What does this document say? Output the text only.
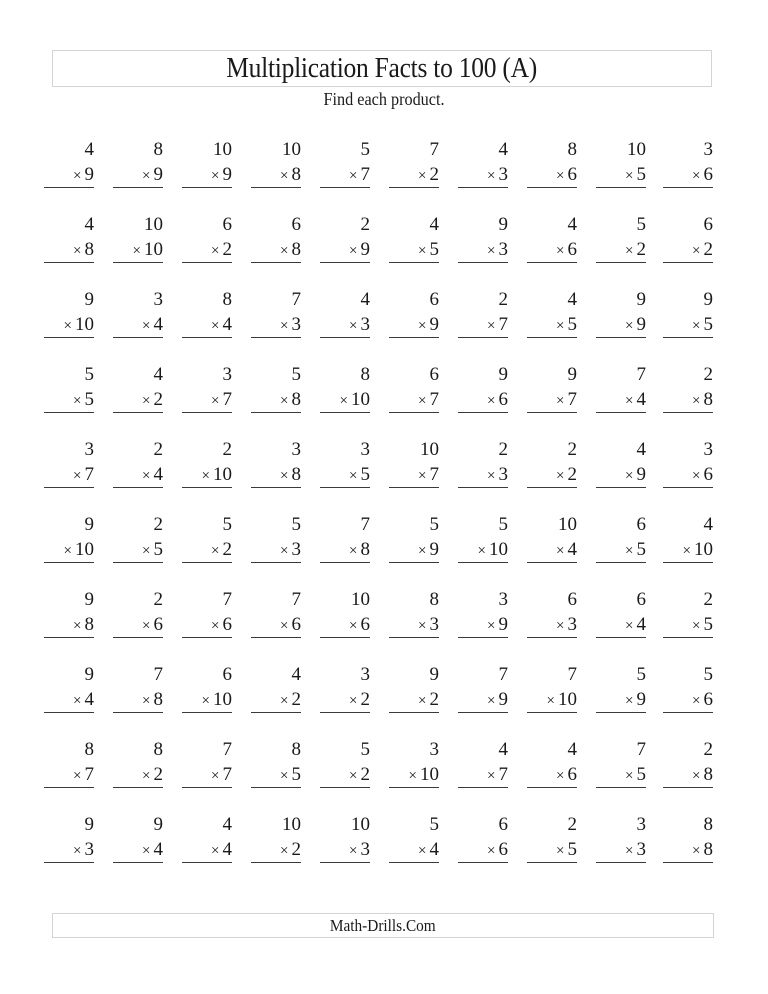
Multiplication Facts to 100 (A)
Find each product.
4
× 9
8
× 9
10
× 9
10
× 8
5
× 7
7
× 2
4
× 3
8
× 6
10
× 5
3
× 6
4
× 8
10
× 10
6
× 2
6
× 8
2
× 9
4
× 5
9
× 3
4
× 6
5
× 2
6
× 2
9
× 10
3
× 4
8
× 4
7
× 3
4
× 3
6
× 9
2
× 7
4
× 5
9
× 9
9
× 5
5
× 5
4
× 2
3
× 7
5
× 8
8
× 10
6
× 7
9
× 6
9
× 7
7
× 4
2
× 8
3
× 7
2
× 4
2
× 10
3
× 8
3
× 5
10
× 7
2
× 3
2
× 2
4
× 9
3
× 6
9
× 10
2
× 5
5
× 2
5
× 3
7
× 8
5
× 9
5
× 10
10
× 4
6
× 5
4
× 10
9
× 8
2
× 6
7
× 6
7
× 6
10
× 6
8
× 3
3
× 9
6
× 3
6
× 4
2
× 5
9
× 4
7
× 8
6
× 10
4
× 2
3
× 2
9
× 2
7
× 9
7
× 10
5
× 9
5
× 6
8
× 7
8
× 2
7
× 7
8
× 5
5
× 2
3
× 10
4
× 7
4
× 6
7
× 5
2
× 8
9
× 3
9
× 4
4
× 4
10
× 2
10
× 3
5
× 4
6
× 6
2
× 5
3
× 3
8
× 8
Math-Drills.Com
